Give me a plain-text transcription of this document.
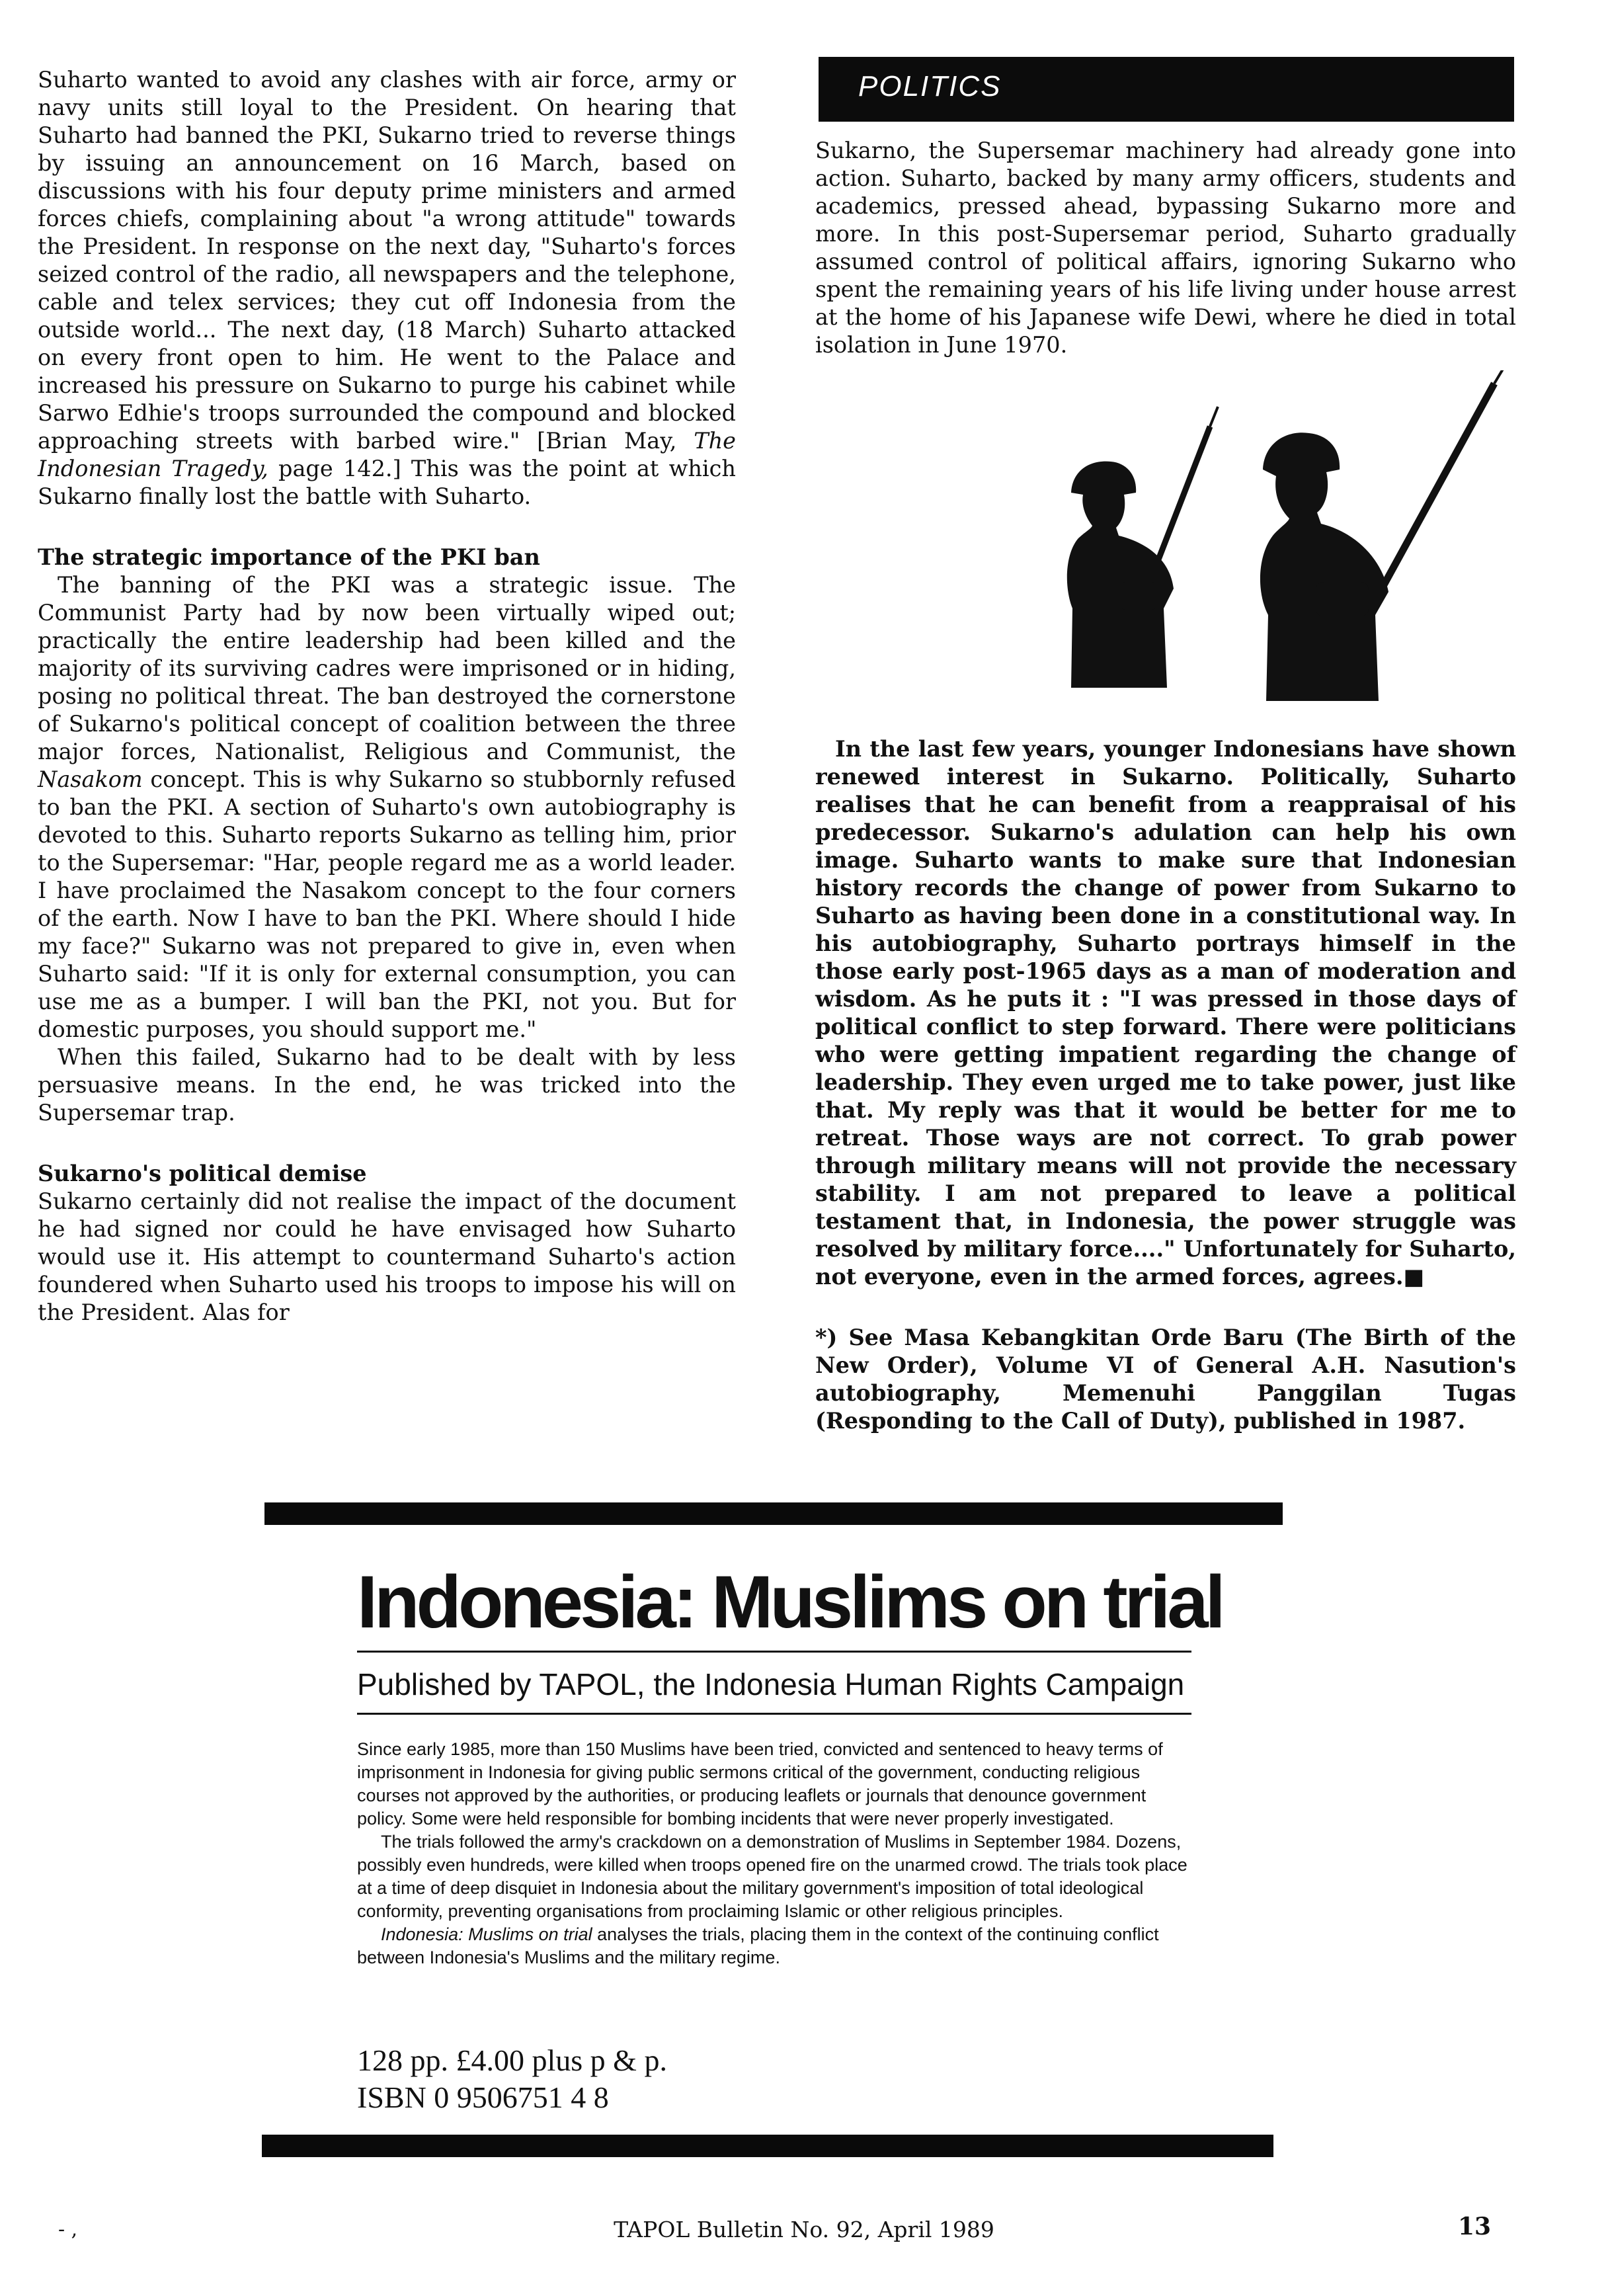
Suharto wanted to avoid any clashes with air force, army or navy units still loyal to the President. On hearing that Suharto had banned the PKI, Sukarno tried to reverse things by issuing an announcement on 16 March, based on discussions with his four deputy prime ministers and armed forces chiefs, complaining about "a wrong attitude" towards the President. In response on the next day, "Suharto's forces seized control of the radio, all newspapers and the telephone, cable and telex services; they cut off Indonesia from the outside world... The next day, (18 March) Suharto attacked on every front open to him. He went to the Palace and increased his pressure on Sukarno to purge his cabinet while Sarwo Edhie's troops surrounded the compound and blocked approaching streets with barbed wire." [Brian May, The Indonesian Tragedy, page 142.] This was the point at which Sukarno finally lost the battle with Suharto.

The strategic importance of the PKI ban

The banning of the PKI was a strategic issue. The Communist Party had by now been virtually wiped out; practically the entire leadership had been killed and the majority of its surviving cadres were imprisoned or in hiding, posing no political threat. The ban destroyed the cornerstone of Sukarno's political concept of coalition between the three major forces, Nationalist, Religious and Communist, the Nasakom concept. This is why Sukarno so stubbornly refused to ban the PKI. A section of Suharto's own autobiography is devoted to this. Suharto reports Sukarno as telling him, prior to the Supersemar: "Har, people regard me as a world leader. I have proclaimed the Nasakom concept to the four corners of the earth. Now I have to ban the PKI. Where should I hide my face?" Sukarno was not prepared to give in, even when Suharto said: "If it is only for external consumption, you can use me as a bumper. I will ban the PKI, not you. But for domestic purposes, you should support me."

When this failed, Sukarno had to be dealt with by less persuasive means. In the end, he was tricked into the Supersemar trap.

Sukarno's political demise

Sukarno certainly did not realise the impact of the document he had signed nor could he have envisaged how Suharto would use it. His attempt to countermand Suharto's action foundered when Suharto used his troops to impose his will on the President. Alas for

POLITICS

Sukarno, the Supersemar machinery had already gone into action. Suharto, backed by many army officers, students and academics, pressed ahead, bypassing Sukarno more and more. In this post-Supersemar period, Suharto gradually assumed control of political affairs, ignoring Sukarno who spent the remaining years of his life living under house arrest at the home of his Japanese wife Dewi, where he died in total isolation in June 1970.

In the last few years, younger Indonesians have shown renewed interest in Sukarno. Politically, Suharto realises that he can benefit from a reappraisal of his predecessor. Sukarno's adulation can help his own image. Suharto wants to make sure that Indonesian history records the change of power from Sukarno to Suharto as having been done in a constitutional way. In his autobiography, Suharto portrays himself in the those early post-1965 days as a man of moderation and wisdom. As he puts it : "I was pressed in those days of political conflict to step forward. There were politicians who were getting impatient regarding the change of leadership. They even urged me to take power, just like that. My reply was that it would be better for me to retreat. Those ways are not correct. To grab power through military means will not provide the necessary stability. I am not prepared to leave a political testament that, in Indonesia, the power struggle was resolved by military force...." Unfortunately for Suharto, not everyone, even in the armed forces, agrees.■

*) See Masa Kebangkitan Orde Baru (The Birth of the New Order), Volume VI of General A.H. Nasution's autobiography, Memenuhi Panggilan Tugas (Responding to the Call of Duty), published in 1987.

Indonesia: Muslims on trial
Published by TAPOL, the Indonesia Human Rights Campaign

Since early 1985, more than 150 Muslims have been tried, convicted and sentenced to heavy terms of imprisonment in Indonesia for giving public sermons critical of the government, conducting religious courses not approved by the authorities, or producing leaflets or journals that denounce government policy. Some were held responsible for bombing incidents that were never properly investigated.

The trials followed the army's crackdown on a demonstration of Muslims in September 1984. Dozens, possibly even hundreds, were killed when troops opened fire on the unarmed crowd. The trials took place at a time of deep disquiet in Indonesia about the military government's imposition of total ideological conformity, preventing organisations from proclaiming Islamic or other religious principles.

Indonesia: Muslims on trial analyses the trials, placing them in the context of the continuing conflict between Indonesia's Muslims and the military regime.

128 pp. £4.00 plus p & p.
ISBN 0 9506751 4 8
- ,	TAPOL Bulletin No. 92, April 1989	13
